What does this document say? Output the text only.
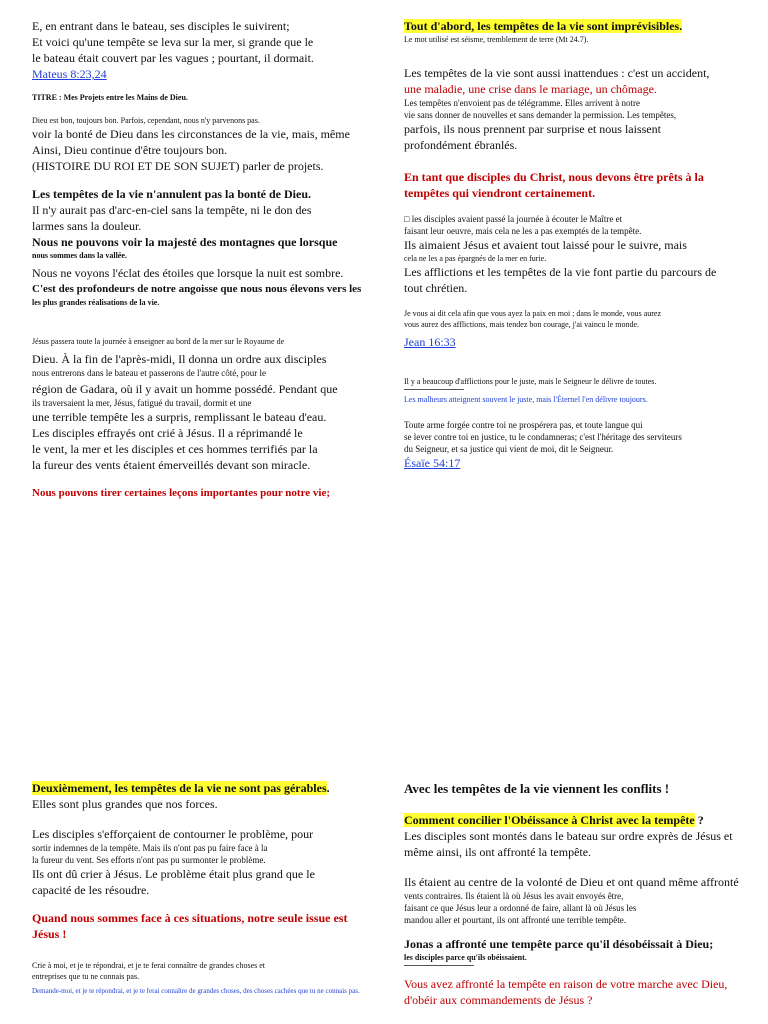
E, en entrant dans le bateau, ses disciples le suivirent;
Et voici qu'une tempête se leva sur la mer, si grande que le
le bateau était couvert par les vagues ; pourtant, il dormait.
Mateus 8:23,24
TITRE : Mes Projets entre les Mains de Dieu.
Dieu est bon, toujours bon. Parfois, cependant, nous n'y parvenons pas.
voir la bonté de Dieu dans les circonstances de la vie, mais, même
Ainsi, Dieu continue d'être toujours bon.
(HISTOIRE DU ROI ET DE SON SUJET) parler de projets.
Les tempêtes de la vie n'annulent pas la bonté de Dieu.
Il n'y aurait pas d'arc-en-ciel sans la tempête, ni le don des
larmes sans la douleur.
Nous ne pouvons voir la majesté des montagnes que lorsque
nous sommes dans la vallée.
Nous ne voyons l'éclat des étoiles que lorsque la nuit est sombre.
C'est des profondeurs de notre angoisse que nous nous élevons vers les
les plus grandes réalisations de la vie.
Jésus passera toute la journée à enseigner au bord de la mer sur le Royaume de
Dieu. À la fin de l'après-midi, Il donna un ordre aux disciples
nous entrerons dans le bateau et passerons de l'autre côté, pour le
région de Gadara, où il y avait un homme possédé. Pendant que
ils traversaient la mer, Jésus, fatigué du travail, dormit et une
une terrible tempête les a surpris, remplissant le bateau d'eau.
Les disciples effrayés ont crié à Jésus. Il a réprimandé le
le vent, la mer et les disciples et ces hommes terrifiés par la
la fureur des vents étaient émerveillés devant son miracle.
Nous pouvons tirer certaines leçons importantes pour notre vie;
Tout d'abord, les tempêtes de la vie sont imprévisibles.
Le mot utilisé est séisme, tremblement de terre (Mt 24.7).
Les tempêtes de la vie sont aussi inattendues : c'est un accident,
une maladie, une crise dans le mariage, un chômage.
Les tempêtes n'envoient pas de télégramme. Elles arrivent à notre
vie sans donner de nouvelles et sans demander la permission. Les tempêtes,
parfois, ils nous prennent par surprise et nous laissent
profondément ébranlés.
En tant que disciples du Christ, nous devons être prêts à la
tempêtes qui viendront certainement.
□ les disciples avaient passé la journée à écouter le Maître et
faisant leur oeuvre, mais cela ne les a pas exemptés de la tempête.
Ils aimaient Jésus et avaient tout laissé pour le suivre, mais
cela ne les a pas épargnés de la mer en furie.
Les afflictions et les tempêtes de la vie font partie du parcours de
tout chrétien.
Je vous ai dit cela afin que vous ayez la paix en moi ; dans le monde, vous aurez
vous aurez des afflictions, mais tendez bon courage, j'ai vaincu le monde.
Jean 16:33
Il y a beaucoup d'afflictions pour le juste, mais le Seigneur le délivre de toutes.
Les malheurs atteignent souvent le juste, mais l'Éternel l'en délivre toujours.
Toute arme forgée contre toi ne prospérera pas, et toute langue qui
se lever contre toi en justice, tu le condamneras; c'est l'héritage des serviteurs
du Seigneur, et sa justice qui vient de moi, dit le Seigneur.
Ésaïe 54:17
Deuxièmement, les tempêtes de la vie ne sont pas gérables.
Elles sont plus grandes que nos forces.
Les disciples s'efforçaient de contourner le problème, pour
sortir indemnes de la tempête. Mais ils n'ont pas pu faire face à la
la fureur du vent. Ses efforts n'ont pas pu surmonter le problème.
Ils ont dû crier à Jésus. Le problème était plus grand que le
capacité de les résoudre.
Quand nous sommes face à ces situations, notre seule issue est
Jésus !
Crie à moi, et je te répondrai, et je te ferai connaître de grandes choses et
entreprises que tu ne connais pas.
Demande-moi, et je te répondrai, et je te ferai connaître de grandes choses, des choses cachées que tu ne connais pas.
Avec les tempêtes de la vie viennent les conflits !
Comment concilier l'Obéissance à Christ avec la tempête ?
Les disciples sont montés dans le bateau sur ordre exprès de Jésus et
même ainsi, ils ont affronté la tempête.
Ils étaient au centre de la volonté de Dieu et ont quand même affronté
vents contraires. Ils étaient là où Jésus les avait envoyés être,
faisant ce que Jésus leur a ordonné de faire, allant là où Jésus les
mandou aller et pourtant, ils ont affronté une terrible tempête.
Jonas a affronté une tempête parce qu'il désobéissait à Dieu;
les disciples parce qu'ils obéissaient.
Vous avez affronté la tempête en raison de votre marche avec Dieu,
d'obéir aux commandements de Jésus ?
